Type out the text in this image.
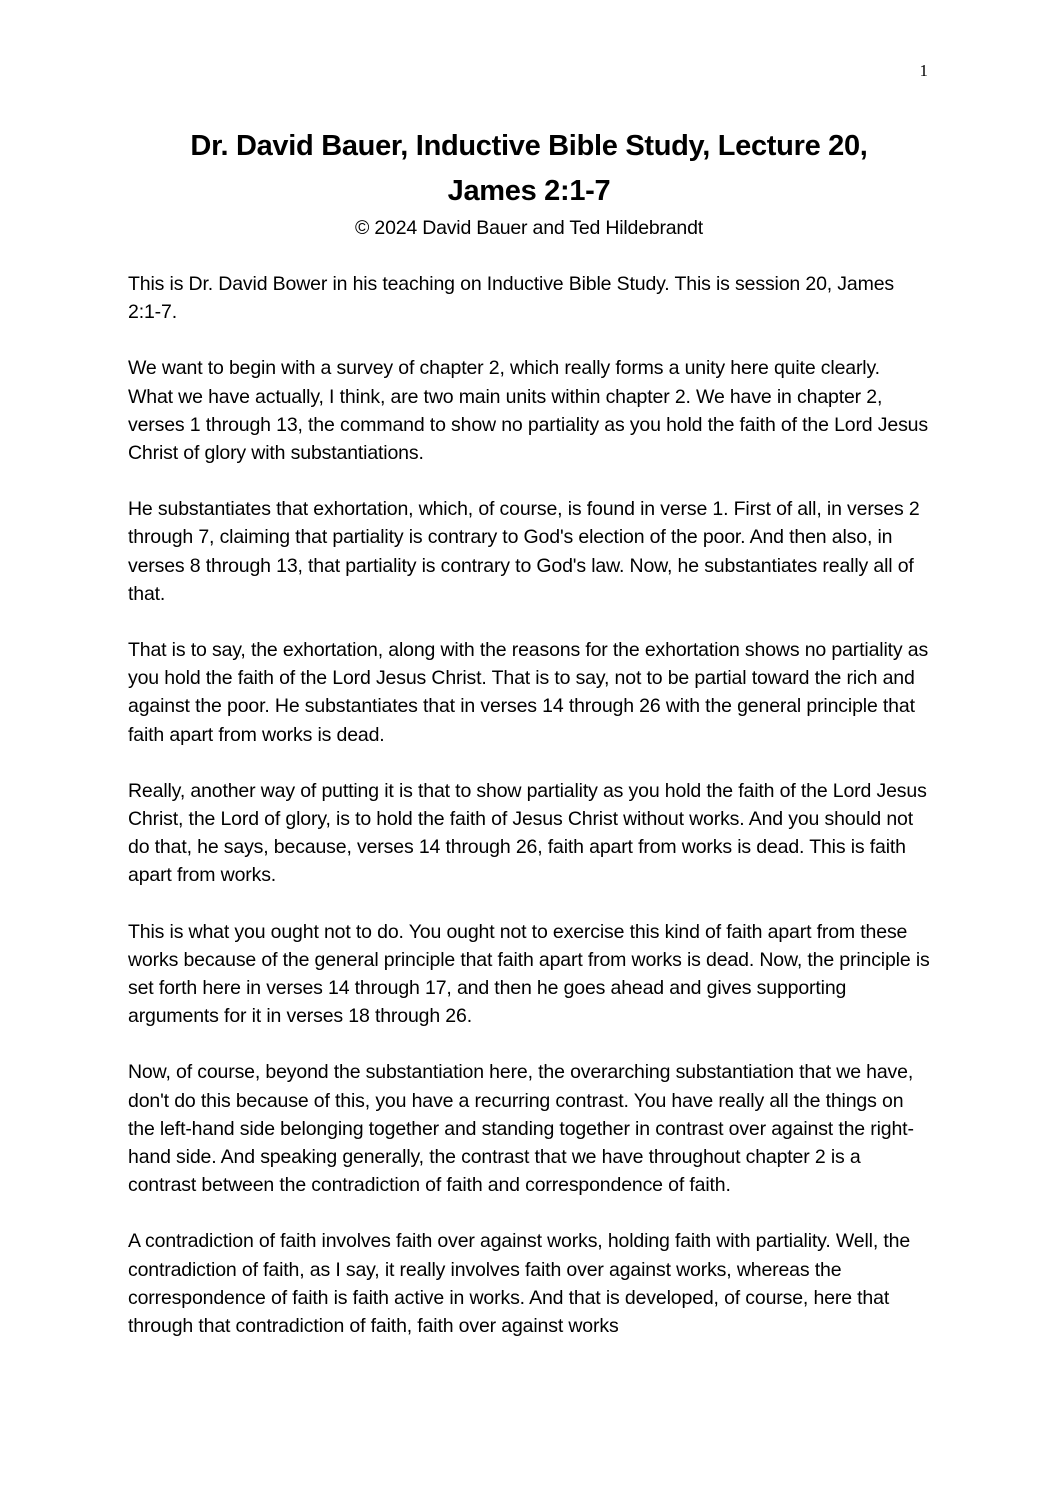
1
Dr. David Bauer, Inductive Bible Study, Lecture 20,
James 2:1-7
© 2024 David Bauer and Ted Hildebrandt

This is Dr. David Bower in his teaching on Inductive Bible Study. This is session 20, James 2:1-7.

We want to begin with a survey of chapter 2, which really forms a unity here quite clearly. What we have actually, I think, are two main units within chapter 2. We have in chapter 2, verses 1 through 13, the command to show no partiality as you hold the faith of the Lord Jesus Christ of glory with substantiations.

He substantiates that exhortation, which, of course, is found in verse 1. First of all, in verses 2 through 7, claiming that partiality is contrary to God's election of the poor. And then also, in verses 8 through 13, that partiality is contrary to God's law. Now, he substantiates really all of that.

That is to say, the exhortation, along with the reasons for the exhortation shows no partiality as you hold the faith of the Lord Jesus Christ. That is to say, not to be partial toward the rich and against the poor. He substantiates that in verses 14 through 26 with the general principle that faith apart from works is dead.

Really, another way of putting it is that to show partiality as you hold the faith of the Lord Jesus Christ, the Lord of glory, is to hold the faith of Jesus Christ without works. And you should not do that, he says, because, verses 14 through 26, faith apart from works is dead. This is faith apart from works.

This is what you ought not to do. You ought not to exercise this kind of faith apart from these works because of the general principle that faith apart from works is dead. Now, the principle is set forth here in verses 14 through 17, and then he goes ahead and gives supporting arguments for it in verses 18 through 26.

Now, of course, beyond the substantiation here, the overarching substantiation that we have, don't do this because of this, you have a recurring contrast. You have really all the things on the left-hand side belonging together and standing together in contrast over against the right-hand side. And speaking generally, the contrast that we have throughout chapter 2 is a contrast between the contradiction of faith and correspondence of faith.

A contradiction of faith involves faith over against works, holding faith with partiality. Well, the contradiction of faith, as I say, it really involves faith over against works, whereas the correspondence of faith is faith active in works. And that is developed, of course, here that through that contradiction of faith, faith over against works
